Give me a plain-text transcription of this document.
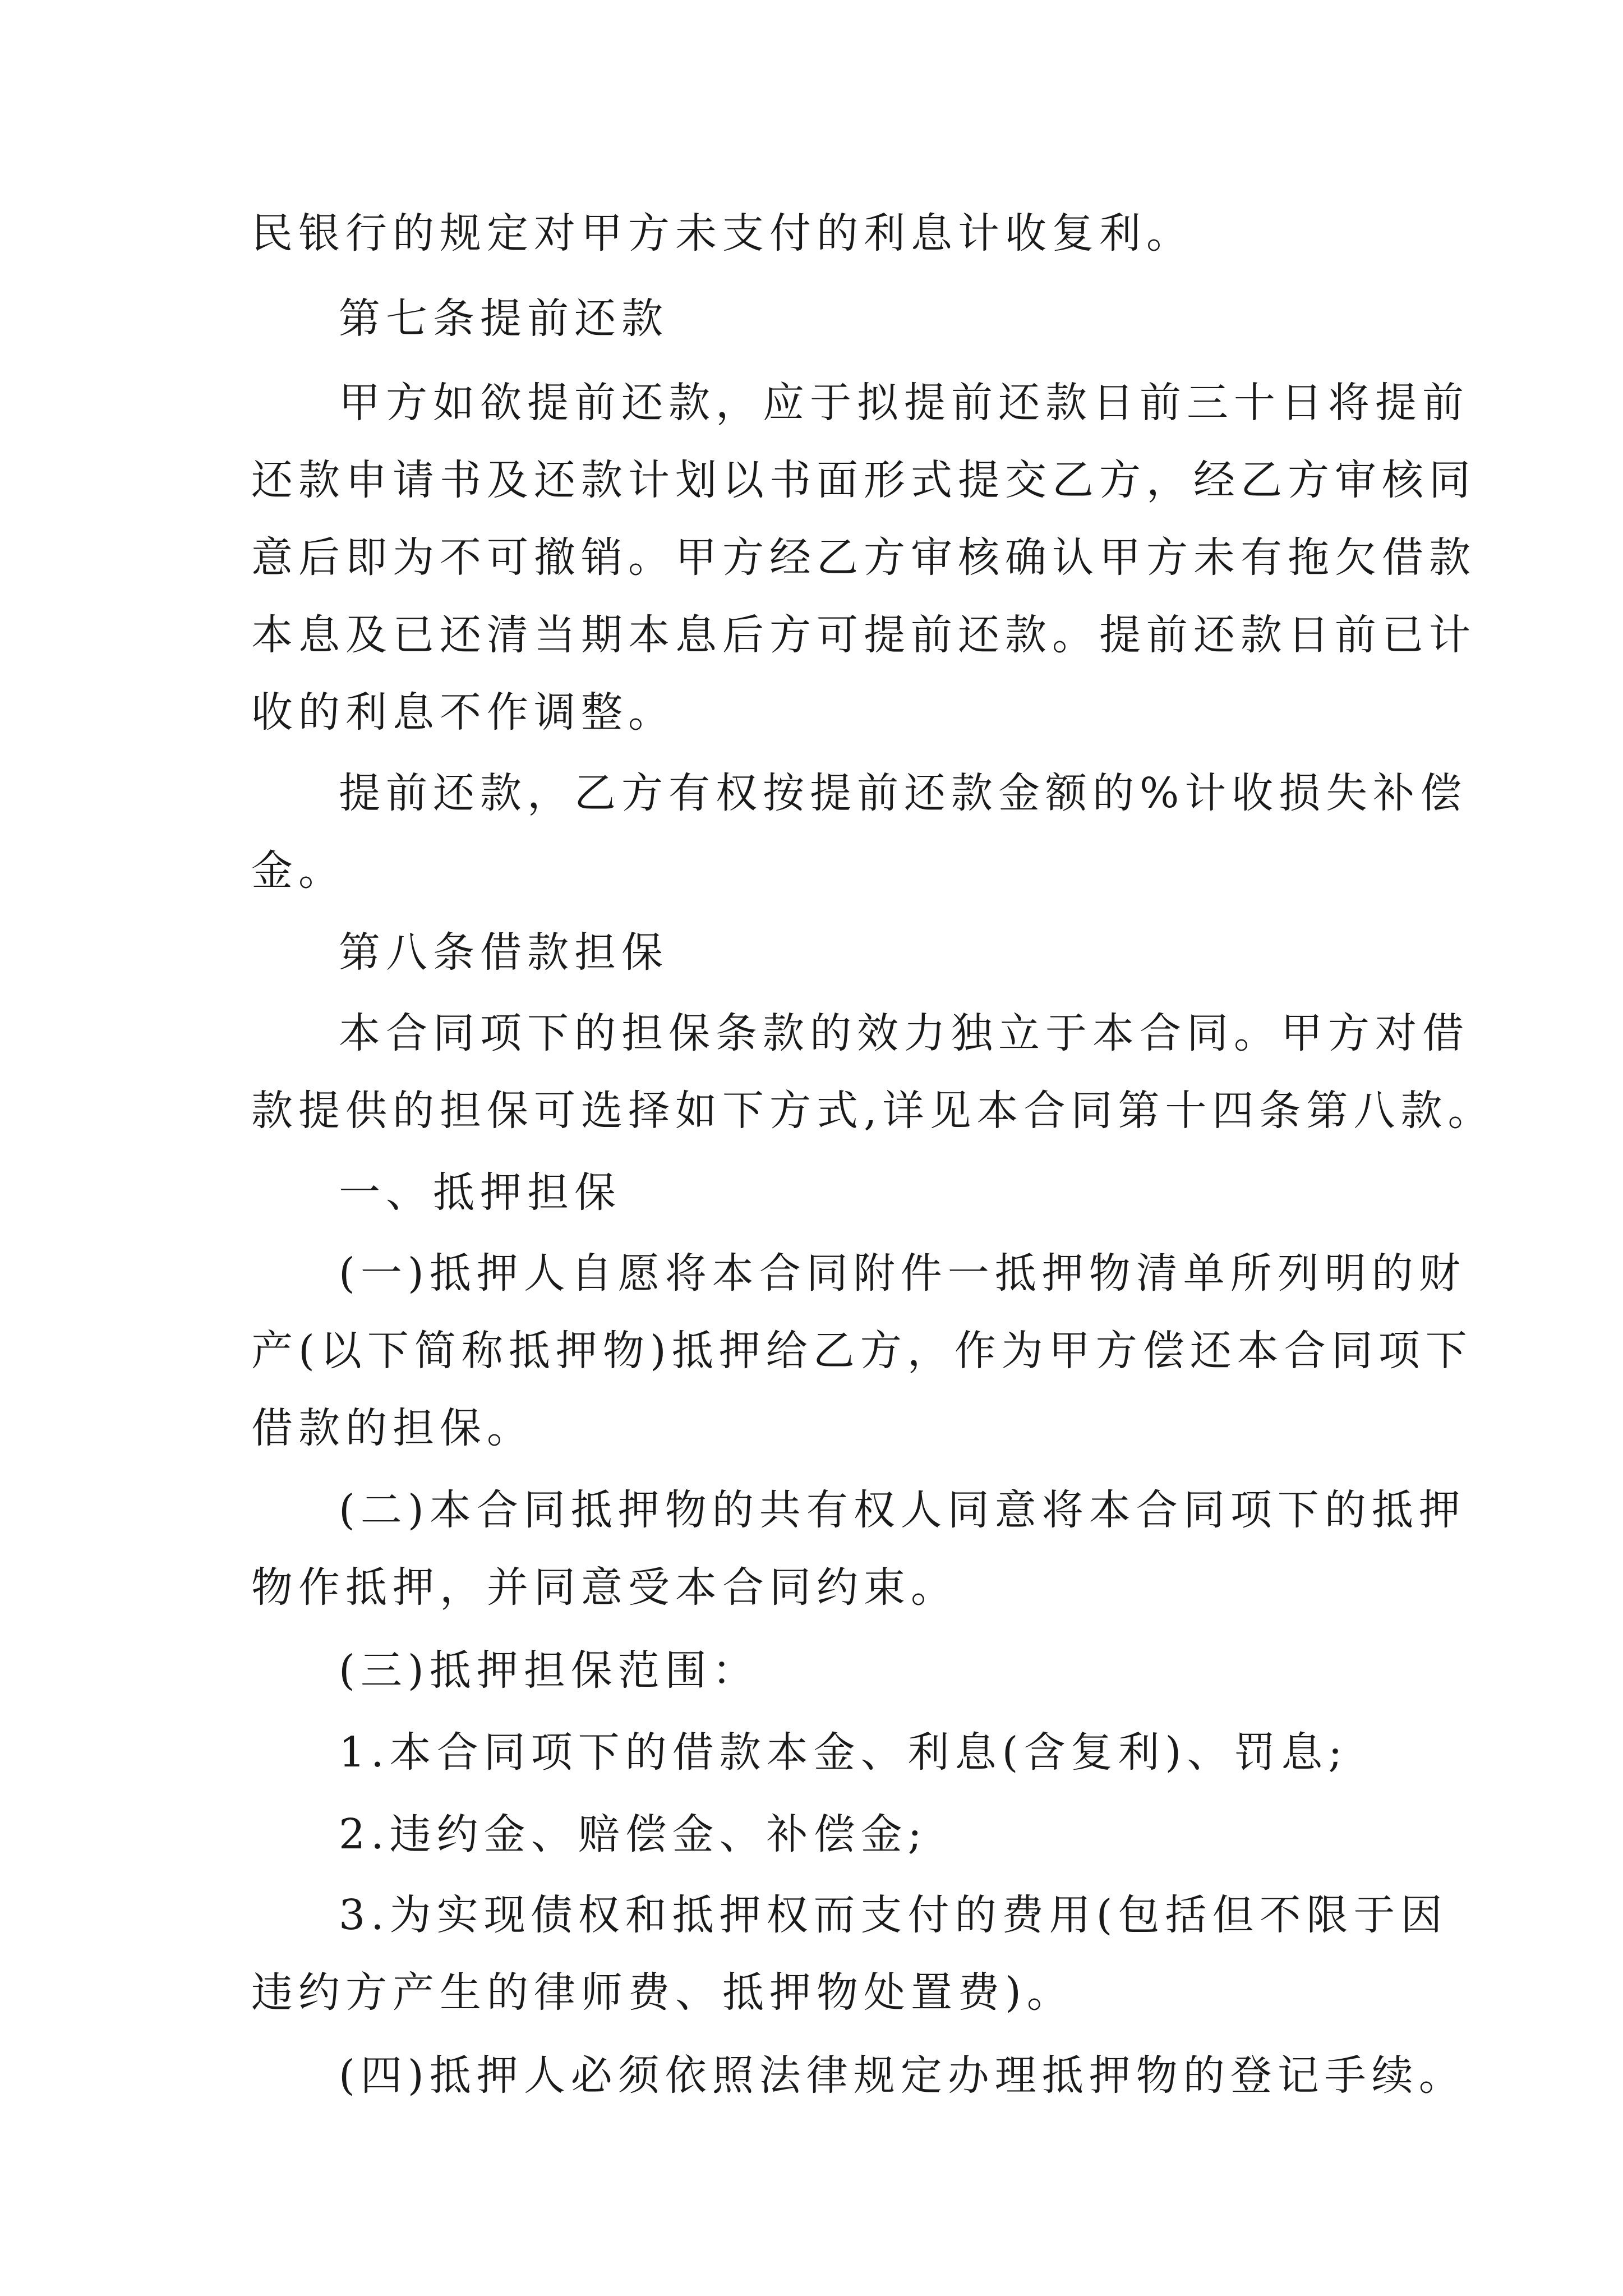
民银行的规定对甲方未支付的利息计收复利。
第七条提前还款
甲方如欲提前还款，应于拟提前还款日前三十日将提前
还款申请书及还款计划以书面形式提交乙方，经乙方审核同
意后即为不可撤销。甲方经乙方审核确认甲方未有拖欠借款
本息及已还清当期本息后方可提前还款。提前还款日前已计
收的利息不作调整。
提前还款，乙方有权按提前还款金额的%计收损失补偿
金。
第八条借款担保
本合同项下的担保条款的效力独立于本合同。甲方对借
款提供的担保可选择如下方式,详见本合同第十四条第八款。
一、抵押担保
(一)抵押人自愿将本合同附件一抵押物清单所列明的财
产(以下简称抵押物)抵押给乙方，作为甲方偿还本合同项下
借款的担保。
(二)本合同抵押物的共有权人同意将本合同项下的抵押
物作抵押，并同意受本合同约束。
(三)抵押担保范围：
1.本合同项下的借款本金、利息(含复利)、罚息;
2.违约金、赔偿金、补偿金;
3.为实现债权和抵押权而支付的费用(包括但不限于因
违约方产生的律师费、抵押物处置费)。
(四)抵押人必须依照法律规定办理抵押物的登记手续。
